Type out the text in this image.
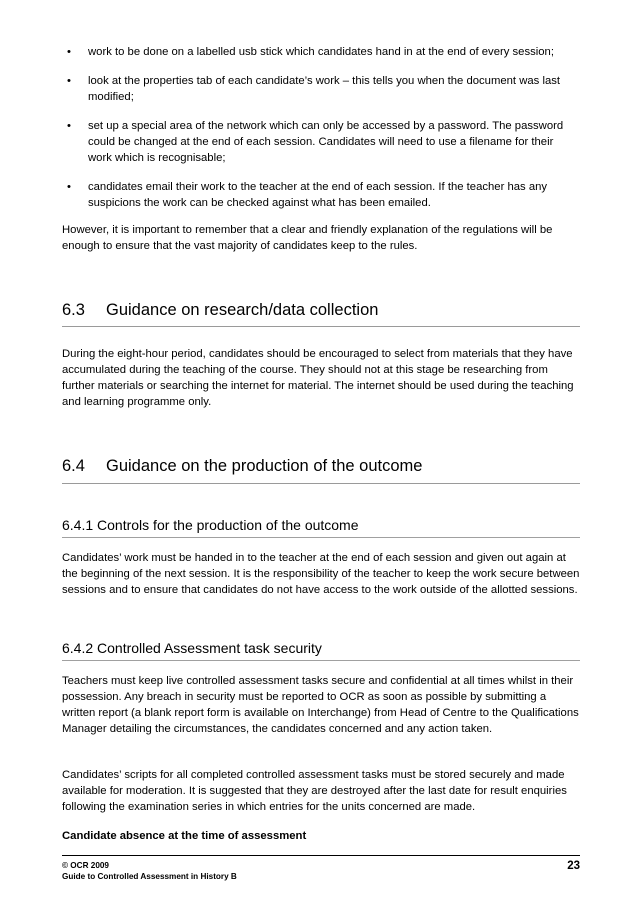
• work to be done on a labelled usb stick which candidates hand in at the end of every session;
• look at the properties tab of each candidate’s work – this tells you when the document was last modified;
• set up a special area of the network which can only be accessed by a password. The password could be changed at the end of each session. Candidates will need to use a filename for their work which is recognisable;
• candidates email their work to the teacher at the end of each session. If the teacher has any suspicions the work can be checked against what has been emailed.

However, it is important to remember that a clear and friendly explanation of the regulations will be enough to ensure that the vast majority of candidates keep to the rules.

6.3 Guidance on research/data collection

During the eight-hour period, candidates should be encouraged to select from materials that they have accumulated during the teaching of the course. They should not at this stage be researching from further materials or searching the internet for material. The internet should be used during the teaching and learning programme only.

6.4 Guidance on the production of the outcome
6.4.1 Controls for the production of the outcome

Candidates’ work must be handed in to the teacher at the end of each session and given out again at the beginning of the next session. It is the responsibility of the teacher to keep the work secure between sessions and to ensure that candidates do not have access to the work outside of the allotted sessions.

6.4.2 Controlled Assessment task security

Teachers must keep live controlled assessment tasks secure and confidential at all times whilst in their possession. Any breach in security must be reported to OCR as soon as possible by submitting a written report (a blank report form is available on Interchange) from Head of Centre to the Qualifications Manager detailing the circumstances, the candidates concerned and any action taken.

Candidates’ scripts for all completed controlled assessment tasks must be stored securely and made available for moderation. It is suggested that they are destroyed after the last date for result enquiries following the examination series in which entries for the units concerned are made.

Candidate absence at the time of assessment

© OCR 2009
Guide to Controlled Assessment in History B
23
